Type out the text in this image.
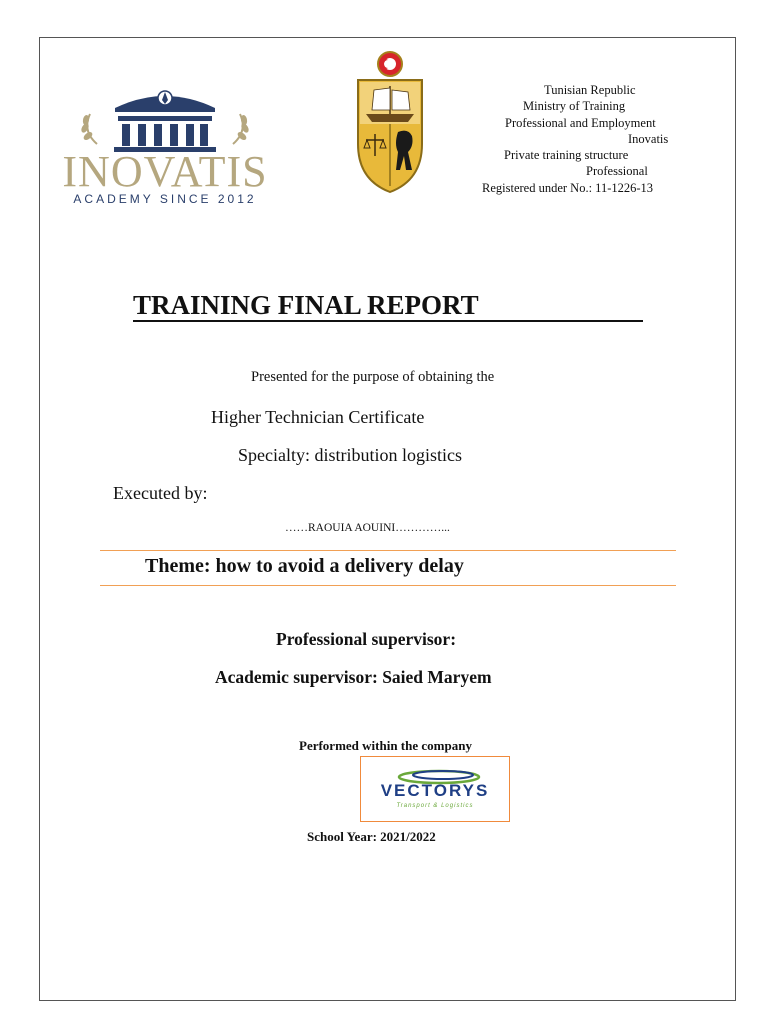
INOVATIS
ACADEMY SINCE 2012
Tunisian Republic
Ministry of Training
Professional and Employment
Inovatis
Private training structure
Professional
Registered under No.: 11-1226-13
TRAINING FINAL REPORT
Presented for the purpose of obtaining the
Higher Technician Certificate
Specialty: distribution logistics
Executed by:
……RAOUIA AOUINI…………...
Theme: how to avoid a delivery delay
Professional supervisor:
Academic supervisor: Saied Maryem
Performed within the company
VECTORYS
Transport & Logistics
School Year: 2021/2022
